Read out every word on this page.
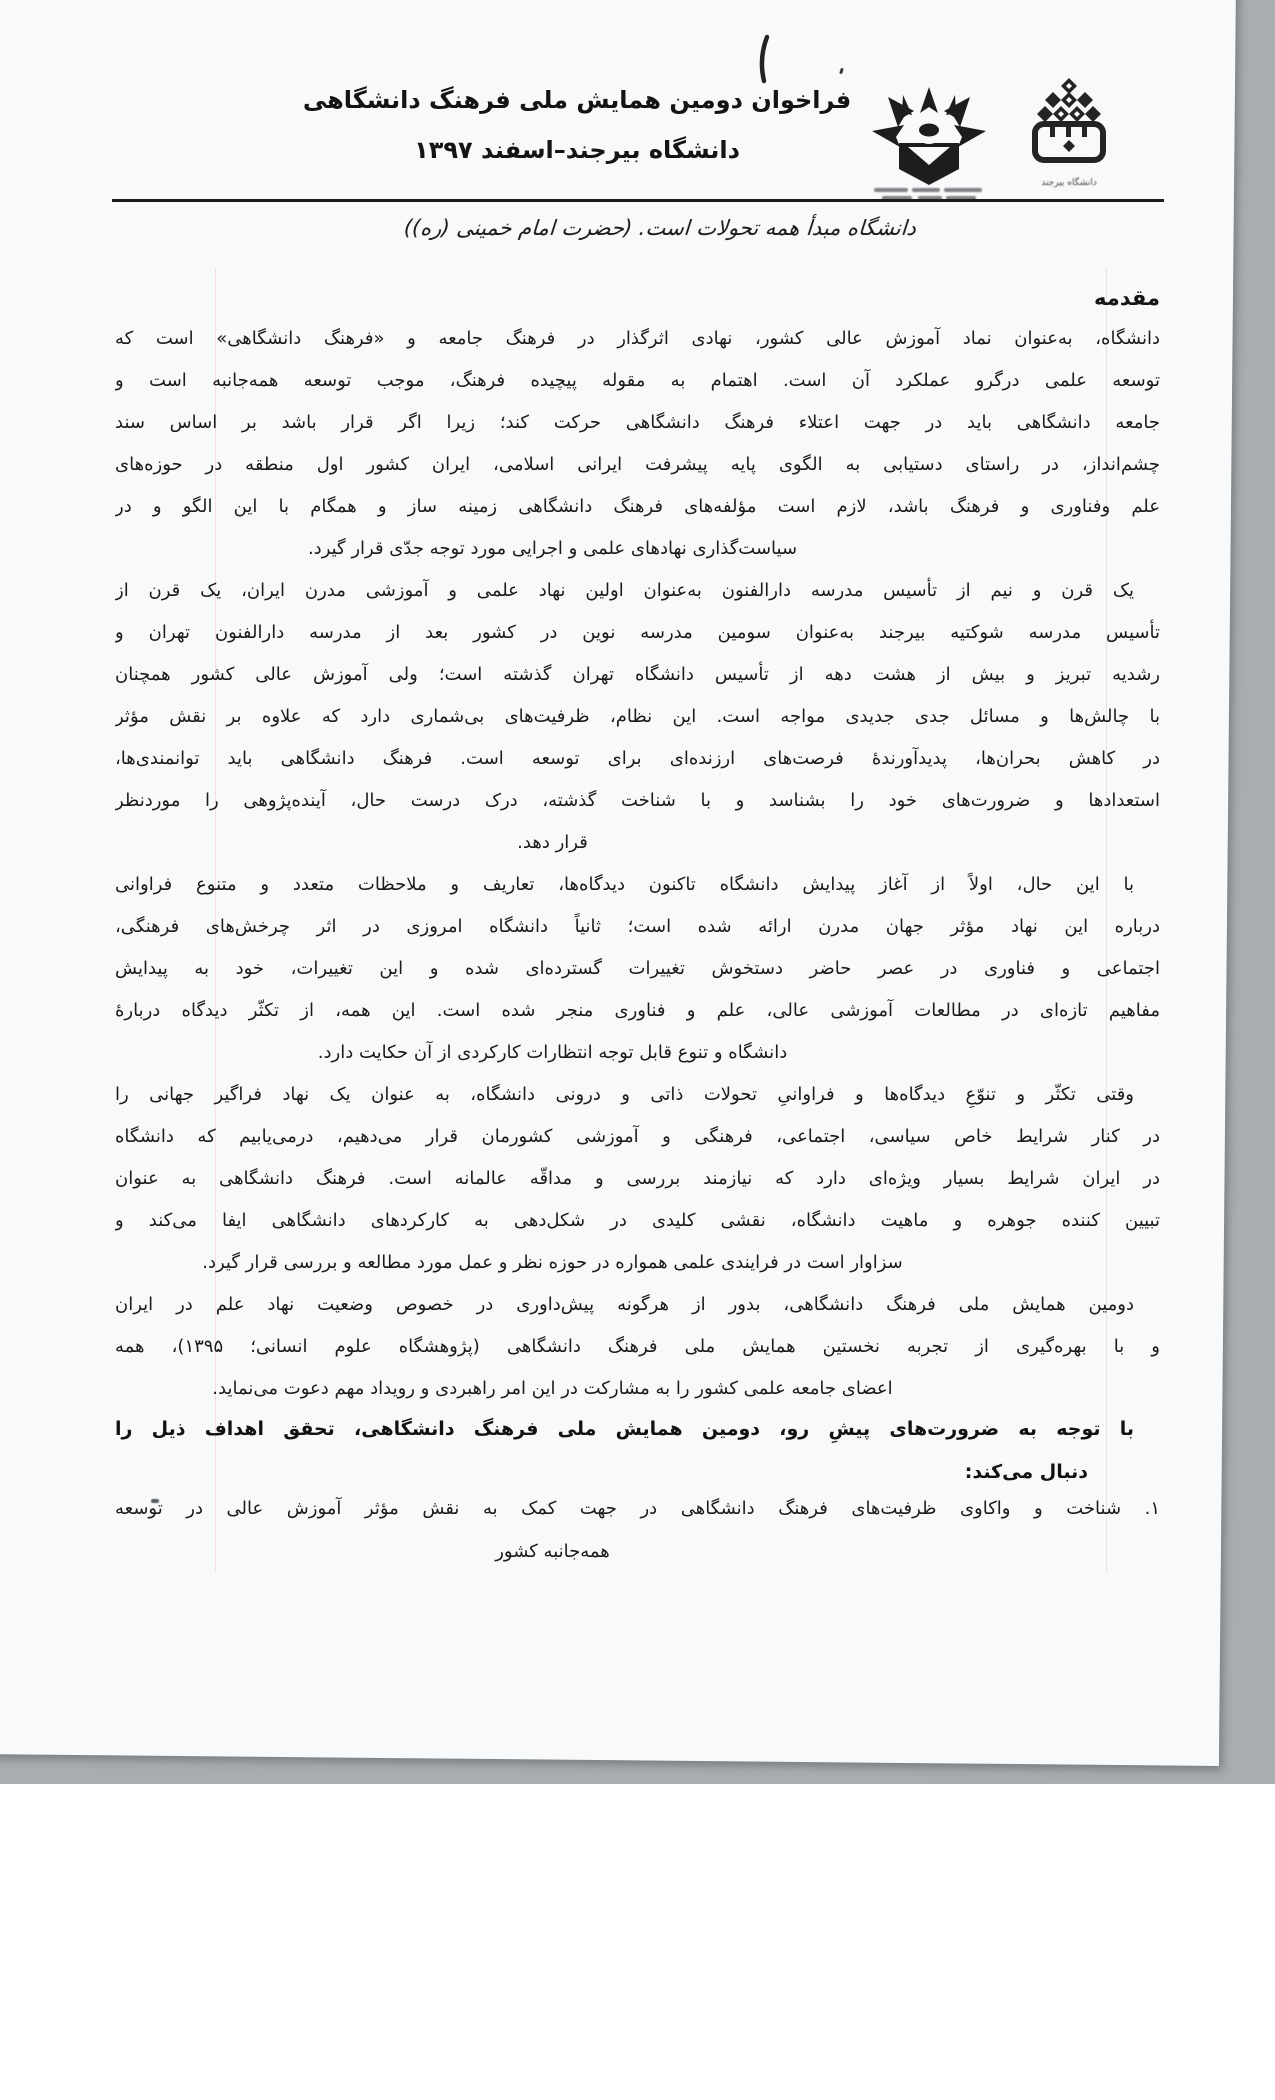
دانشگاه بیرجند
فراخوان دومین همایش ملی فرهنگ دانشگاهی
دانشگاه بیرجند–اسفند ۱۳۹۷
دانشگاه مبدأ همه تحولات است. (حضرت امام خمینی (ره))
مقدمه
دانشگاه، به‌عنوان نماد آموزش عالی کشور، نهادی اثرگذار در فرهنگ جامعه و «فرهنگ دانشگاهی» است که
توسعه علمی درگرو عملکرد آن است. اهتمام به مقوله پیچیده فرهنگ، موجب توسعه همه‌جانبه است و
جامعه دانشگاهی باید در جهت اعتلاء فرهنگ دانشگاهی حرکت کند؛ زیرا اگر قرار باشد بر اساس سند
چشم‌انداز، در راستای دستیابی به الگوی پایه پیشرفت ایرانی اسلامی، ایران کشور اول منطقه در حوزه‌های
علم وفناوری و فرهنگ باشد، لازم است مؤلفه‌های فرهنگ دانشگاهی زمینه ساز و همگام با این الگو و در
سیاست‌گذاری نهادهای علمی و اجرایی مورد توجه جدّی قرار گیرد.
یک قرن و نیم از تأسیس مدرسه دارالفنون به‌عنوان اولین نهاد علمی و آموزشی مدرن ایران، یک قرن از
تأسیس مدرسه شوکتیه بیرجند به‌عنوان سومین مدرسه نوین در کشور بعد از مدرسه دارالفنون تهران و
رشدیه تبریز و بیش از هشت دهه از تأسیس دانشگاه تهران گذشته است؛ ولی آموزش عالی کشور همچنان
با چالش‌ها و مسائل جدی جدیدی مواجه است. این نظام، ظرفیت‌های بی‌شماری دارد که علاوه بر نقش مؤثر
در کاهش بحران‌ها، پدیدآورندهٔ فرصت‌های ارزنده‌ای برای توسعه است. فرهنگ دانشگاهی باید توانمندی‌ها،
استعدادها و ضرورت‌های خود را بشناسد و با شناخت گذشته، درک درست حال، آینده‌پژوهی را موردنظر
قرار دهد.
با این حال، اولاً از آغاز پیدایش دانشگاه تاکنون دیدگاه‌ها، تعاریف و ملاحظات متعدد و متنوع فراوانی
درباره این نهاد مؤثر جهان مدرن ارائه شده است؛ ثانیاً دانشگاه امروزی در اثر چرخش‌های فرهنگی،
اجتماعی و فناوری در عصر حاضر دستخوش تغییرات گسترده‌ای شده و این تغییرات، خود به پیدایش
مفاهیم تازه‌ای در مطالعات آموزشی عالی، علم و فناوری منجر شده است. این همه، از تکثّر دیدگاه دربارهٔ
دانشگاه و تنوع قابل توجه انتظارات کارکردی از آن حکایت دارد.
وقتی تکثّر و تنوّعِ دیدگاه‌ها و فراوانیِ تحولات ذاتی و درونی دانشگاه، به عنوان یک نهاد فراگیر جهانی را
در کنار شرایط خاص سیاسی، اجتماعی، فرهنگی و آموزشی کشورمان قرار می‌دهیم، درمی‌یابیم که دانشگاه
در ایران شرایط بسیار ویژه‌ای دارد که نیازمند بررسی و مداقّه عالمانه است. فرهنگ دانشگاهی به عنوان
تبیین کننده جوهره و ماهیت دانشگاه، نقشی کلیدی در شکل‌دهی به کارکردهای دانشگاهی ایفا می‌کند و
سزاوار است در فرایندی علمی همواره در حوزه نظر و عمل مورد مطالعه و بررسی قرار گیرد.
دومین همایش ملی فرهنگ دانشگاهی، بدور از هرگونه پیش‌داوری در خصوص وضعیت نهاد علم در ایران
و با بهره‌گیری از تجربه نخستین همایش ملی فرهنگ دانشگاهی (پژوهشگاه علوم انسانی؛ ۱۳۹۵)، همه
اعضای جامعه علمی کشور را به مشارکت در این امر راهبردی و رویداد مهم دعوت می‌نماید.
با توجه به ضرورت‌های پیشِ رو، دومین همایش ملی فرهنگ دانشگاهی، تحقق اهداف ذیل را
دنبال می‌کند:
۱. شناخت و واکاوی ظرفیت‌های فرهنگ دانشگاهی در جهت کمک به نقش مؤثر آموزش عالی در توسعه
همه‌جانبه کشور
